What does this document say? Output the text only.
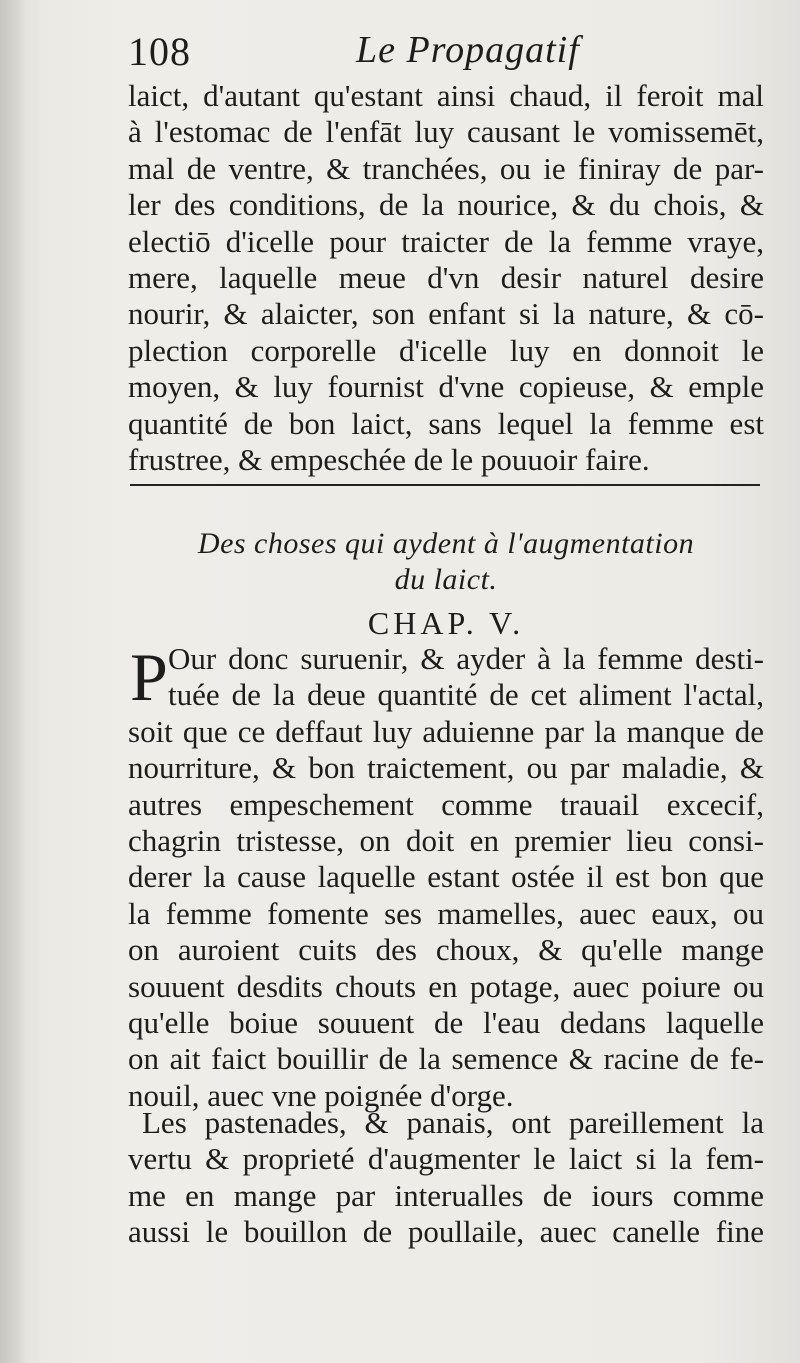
108	Le Propagatif
laict, d'autant qu'estant ainsi chaud, il feroit mal
à l'estomac de l'enfāt luy causant le vomissemēt,
mal de ventre, & tranchées, ou ie finiray de par-
ler des conditions, de la nourice, & du chois, &
electiō d'icelle pour traicter de la femme vraye,
mere, laquelle meue d'vn desir naturel desire
nourir, & alaicter, son enfant si la nature, & cō-
plection corporelle d'icelle luy en donnoit le
moyen, & luy fournist d'vne copieuse, & emple
quantité de bon laict, sans lequel la femme est
frustree, & empeschée de le pouuoir faire.
Des choses qui aydent à l'augmentation
du laict.
CHAP. V.
P Our donc suruenir, & ayder à la femme desti-
tuée de la deue quantité de cet aliment l'actal,
soit que ce deffaut luy aduienne par la manque de
nourriture, & bon traictement, ou par maladie, &
autres empeschement comme trauail excecif,
chagrin tristesse, on doit en premier lieu consi-
derer la cause laquelle estant ostée il est bon que
la femme fomente ses mamelles, auec eaux, ou
on auroient cuits des choux, & qu'elle mange
souuent desdits chouts en potage, auec poiure ou
qu'elle boiue souuent de l'eau dedans laquelle
on ait faict bouillir de la semence & racine de fe-
nouil, auec vne poignée d'orge.
Les pastenades, & panais, ont pareillement la
vertu & proprieté d'augmenter le laict si la fem-
me en mange par interualles de iours comme
aussi le bouillon de poullaile, auec canelle fine
